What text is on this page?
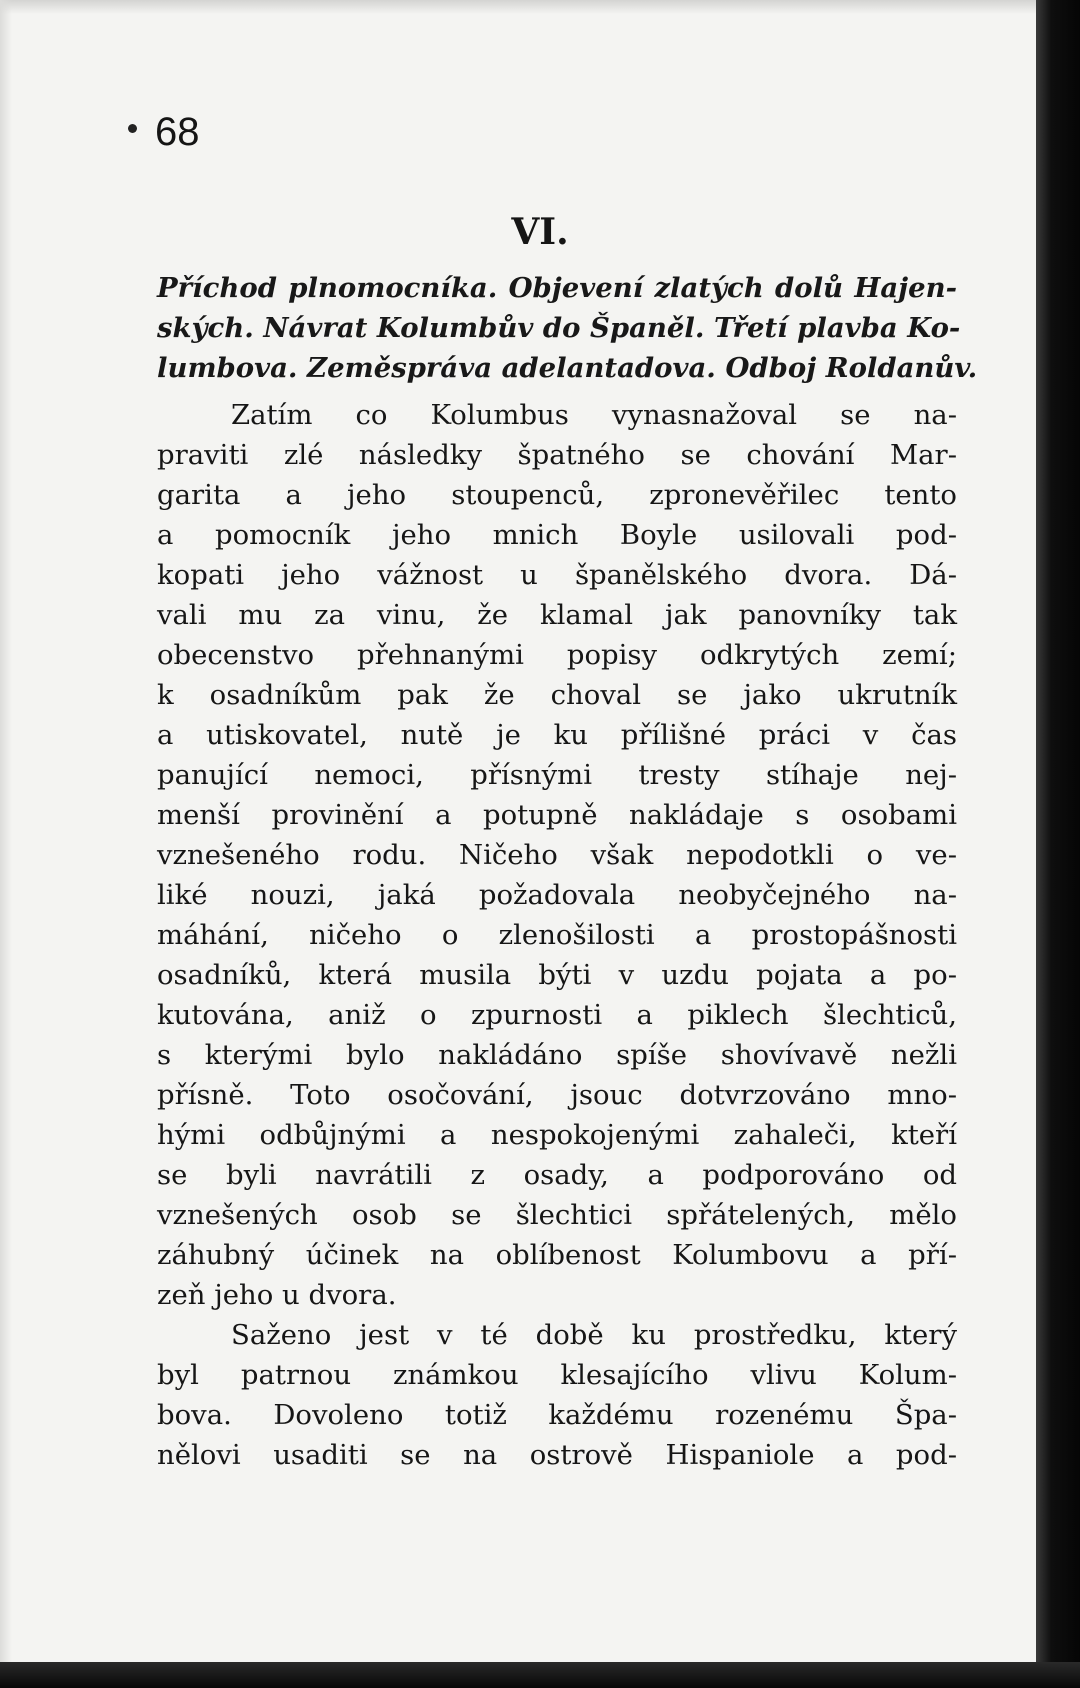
68
VI.
Příchod plnomocníka. Objevení zlatých dolů Hajen-
ských. Návrat Kolumbův do Španěl. Třetí plavba Ko-
lumbova. Zeměspráva adelantadova. Odboj Roldanův.
Zatím co Kolumbus vynasnažoval se na-
praviti zlé následky špatného se chování Mar-
garita a jeho stoupenců, zpronevěřilec tento
a pomocník jeho mnich Boyle usilovali pod-
kopati jeho vážnost u španělského dvora. Dá-
vali mu za vinu, že klamal jak panovníky tak
obecenstvo přehnanými popisy odkrytých zemí;
k osadníkům pak že choval se jako ukrutník
a utiskovatel, nutě je ku přílišné práci v čas
panující nemoci, přísnými tresty stíhaje nej-
menší provinění a potupně nakládaje s osobami
vznešeného rodu. Ničeho však nepodotkli o ve-
liké nouzi, jaká požadovala neobyčejného na-
máhání, ničeho o zlenošilosti a prostopášnosti
osadníků, která musila býti v uzdu pojata a po-
kutována, aniž o zpurnosti a piklech šlechticů,
s kterými bylo nakládáno spíše shovívavě nežli
přísně. Toto osočování, jsouc dotvrzováno mno-
hými odbůjnými a nespokojenými zahaleči, kteří
se byli navrátili z osady, a podporováno od
vznešených osob se šlechtici spřátelených, mělo
záhubný účinek na oblíbenost Kolumbovu a pří-
zeň jeho u dvora.
Saženo jest v té době ku prostředku, který
byl patrnou známkou klesajícího vlivu Kolum-
bova. Dovoleno totiž každému rozenému Špa-
nělovi usaditi se na ostrově Hispaniole a pod-
